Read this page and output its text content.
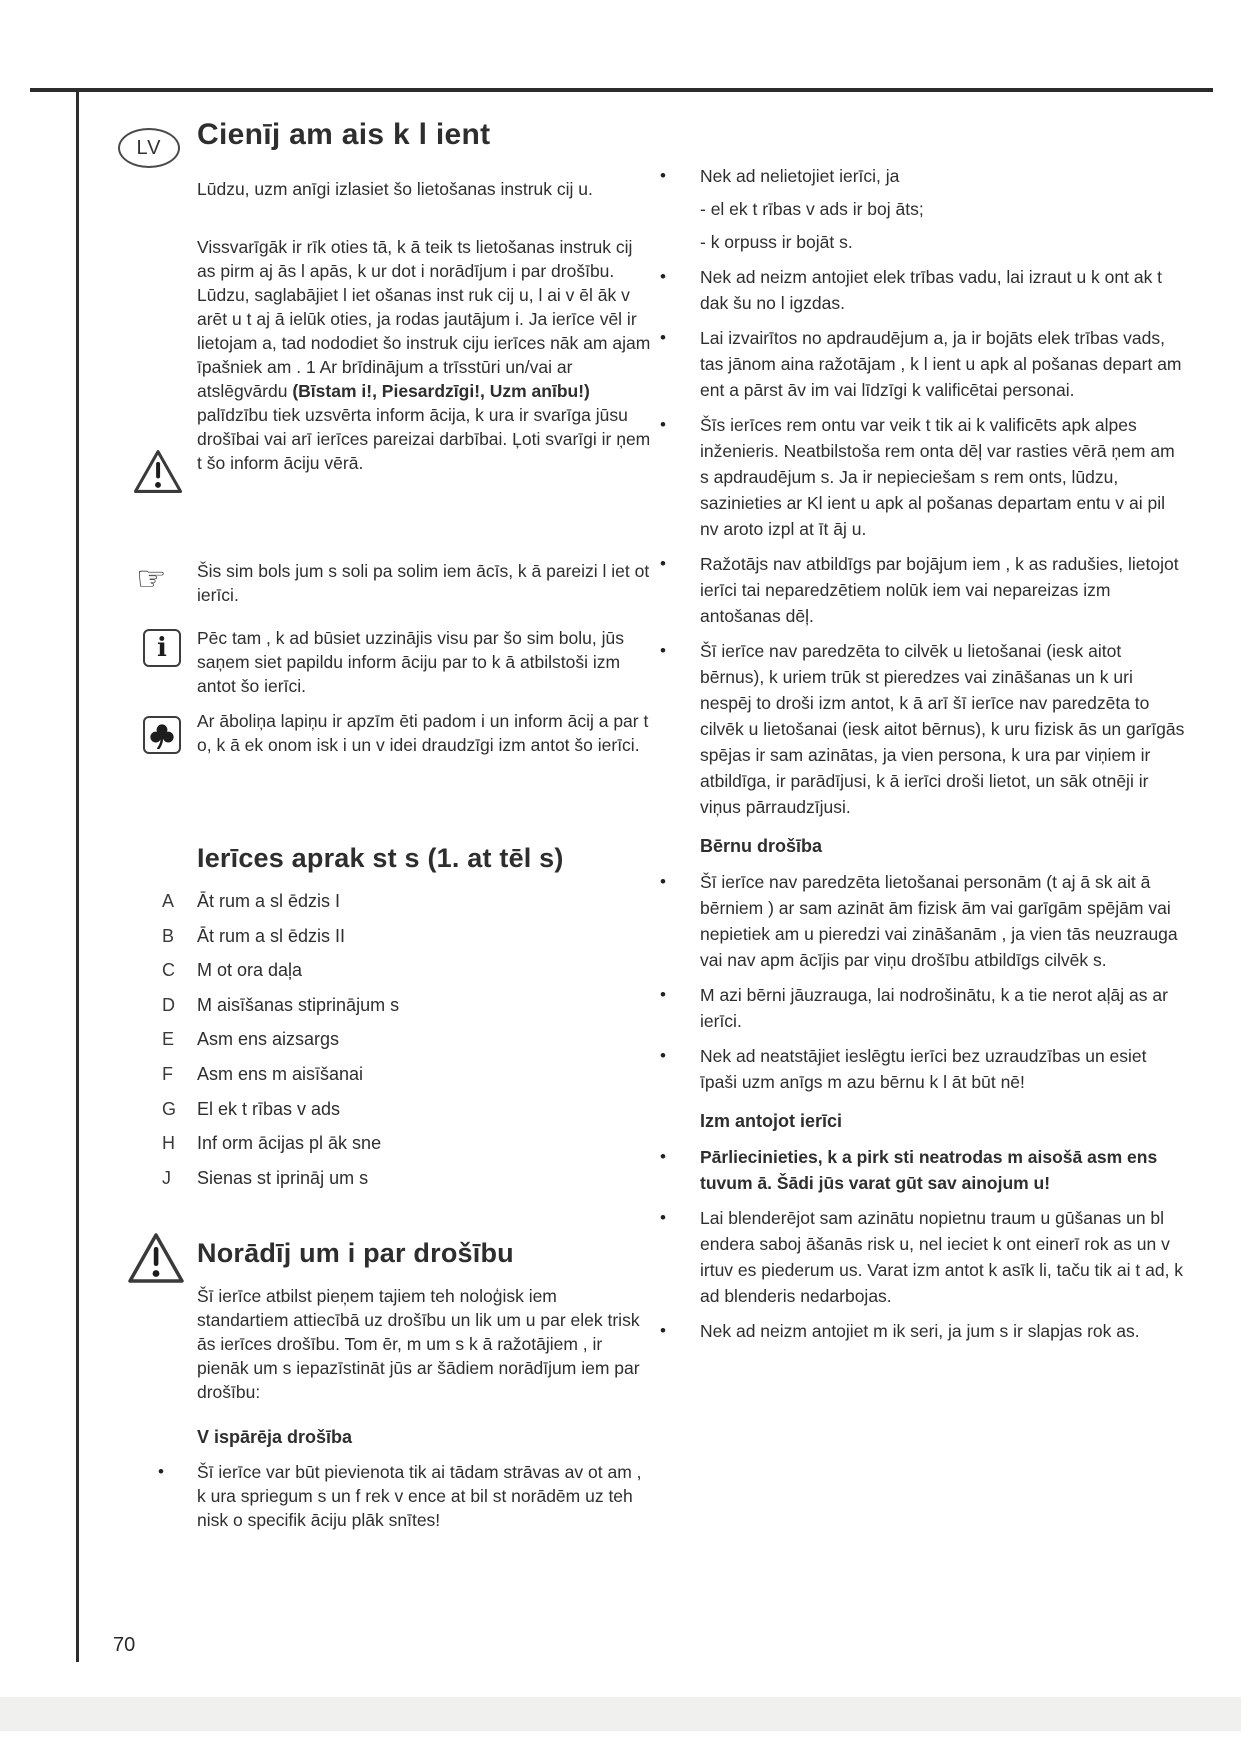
LV Cienīj am ais k l ient

Lūdzu, uzm anīgi izlasiet šo lietošanas instruk cij u.

Vissvarīgāk ir rīk oties tā, k ā teik ts lietošanas instruk cij as pirm aj ās l apās, k ur dot i norādījum i par drošību. Lūdzu, saglabājiet l iet ošanas inst ruk cij u, l ai v ēl āk v arēt u t aj ā ielūk oties, ja rodas jautājum i. Ja ierīce vēl ir lietojam a, tad nododiet šo instruk ciju ierīces nāk am ajam īpašniek am . 1 Ar brīdinājum a trīsstūri un/vai ar atslēgvārdu (Bīstam i!, Piesardzīgi!, Uzm anību!) palīdzību tiek uzsvērta inform ācija, k ura ir svarīga jūsu drošībai vai arī ierīces pareizai darbībai. Ļoti svarīgi ir ņem t šo inform āciju vērā.

☞ Šis sim bols jum s soli pa solim iem ācīs, k ā pareizi l iet ot ierīci.

i Pēc tam , k ad būsiet uzzinājis visu par šo sim bolu, jūs saņem siet papildu inform āciju par to k ā atbilstoši izm antot šo ierīci.

Ar āboliņa lapiņu ir apzīm ēti padom i un inform ācij a par t o, k ā ek onom isk i un v idei draudzīgi izm antot šo ierīci.

Ierīces aprak st s (1. at tēl s)
A	Āt rum a sl ēdzis I
B	Āt rum a sl ēdzis II
C	M ot ora daļa
D	M aisīšanas stiprinājum s
E	Asm ens aizsargs
F	Asm ens m aisīšanai
G	El ek t rības v ads
H	Inf orm ācijas pl āk sne
J	Sienas st iprināj um s
Norādīj um i par drošību

Šī ierīce atbilst pieņem tajiem teh noloģisk iem standartiem attiecībā uz drošību un lik um u par elek trisk ās ierīces drošību. Tom ēr, m um s k ā ražotājiem , ir pienāk um s iepazīstināt jūs ar šādiem norādījum iem par drošību:

V ispārēja drošība
•	Šī ierīce var būt pievienota tik ai tādam strāvas av ot am , k ura spriegum s un f rek v ence at bil st norādēm uz teh nisk o specifik āciju plāk snītes!
•	Nek ad nelietojiet ierīci, ja
- el ek t rības v ads ir boj āts;
- k orpuss ir bojāt s.
•	Nek ad neizm antojiet elek trības vadu, lai izraut u k ont ak t dak šu no l igzdas.
•	Lai izvairītos no apdraudējum a, ja ir bojāts elek trības vads, tas jānom aina ražotājam , k l ient u apk al pošanas depart am ent a pārst āv im vai līdzīgi k valificētai personai.
•	Šīs ierīces rem ontu var veik t tik ai k valificēts apk alpes inženieris. Neatbilstoša rem onta dēļ var rasties vērā ņem am s apdraudējum s. Ja ir nepieciešam s rem onts, lūdzu, sazinieties ar Kl ient u apk al pošanas departam entu v ai pil nv aroto izpl at īt āj u.
•	Ražotājs nav atbildīgs par bojājum iem , k as radušies, lietojot ierīci tai neparedzētiem nolūk iem vai nepareizas izm antošanas dēļ.
•	Šī ierīce nav paredzēta to cilvēk u lietošanai (iesk aitot bērnus), k uriem trūk st pieredzes vai zināšanas un k uri nespēj to droši izm antot, k ā arī šī ierīce nav paredzēta to cilvēk u lietošanai (iesk aitot bērnus), k uru fizisk ās un garīgās spējas ir sam azinātas, ja vien persona, k ura par viņiem ir atbildīga, ir parādījusi, k ā ierīci droši lietot, un sāk otnēji ir viņus pārraudzījusi.
Bērnu drošība
•	Šī ierīce nav paredzēta lietošanai personām (t aj ā sk ait ā bērniem ) ar sam azināt ām fizisk ām vai garīgām spējām vai nepietiek am u pieredzi vai zināšanām , ja vien tās neuzrauga vai nav apm ācījis par viņu drošību atbildīgs cilvēk s.
•	M azi bērni jāuzrauga, lai nodrošinātu, k a tie nerot aļāj as ar ierīci.
•	Nek ad neatstājiet ieslēgtu ierīci bez uzraudzības un esiet īpaši uzm anīgs m azu bērnu k l āt būt nē!
Izm antojot ierīci
•	Pārliecinieties, k a pirk sti neatrodas m aisošā asm ens tuvum ā. Šādi jūs varat gūt sav ainojum u!
•	Lai blenderējot sam azinātu nopietnu traum u gūšanas un bl endera saboj āšanās risk u, nel ieciet k ont einerī rok as un v irtuv es piederum us. Varat izm antot k asīk li, taču tik ai t ad, k ad blenderis nedarbojas.
•	Nek ad neizm antojiet m ik seri, ja jum s ir slapjas rok as.
70
